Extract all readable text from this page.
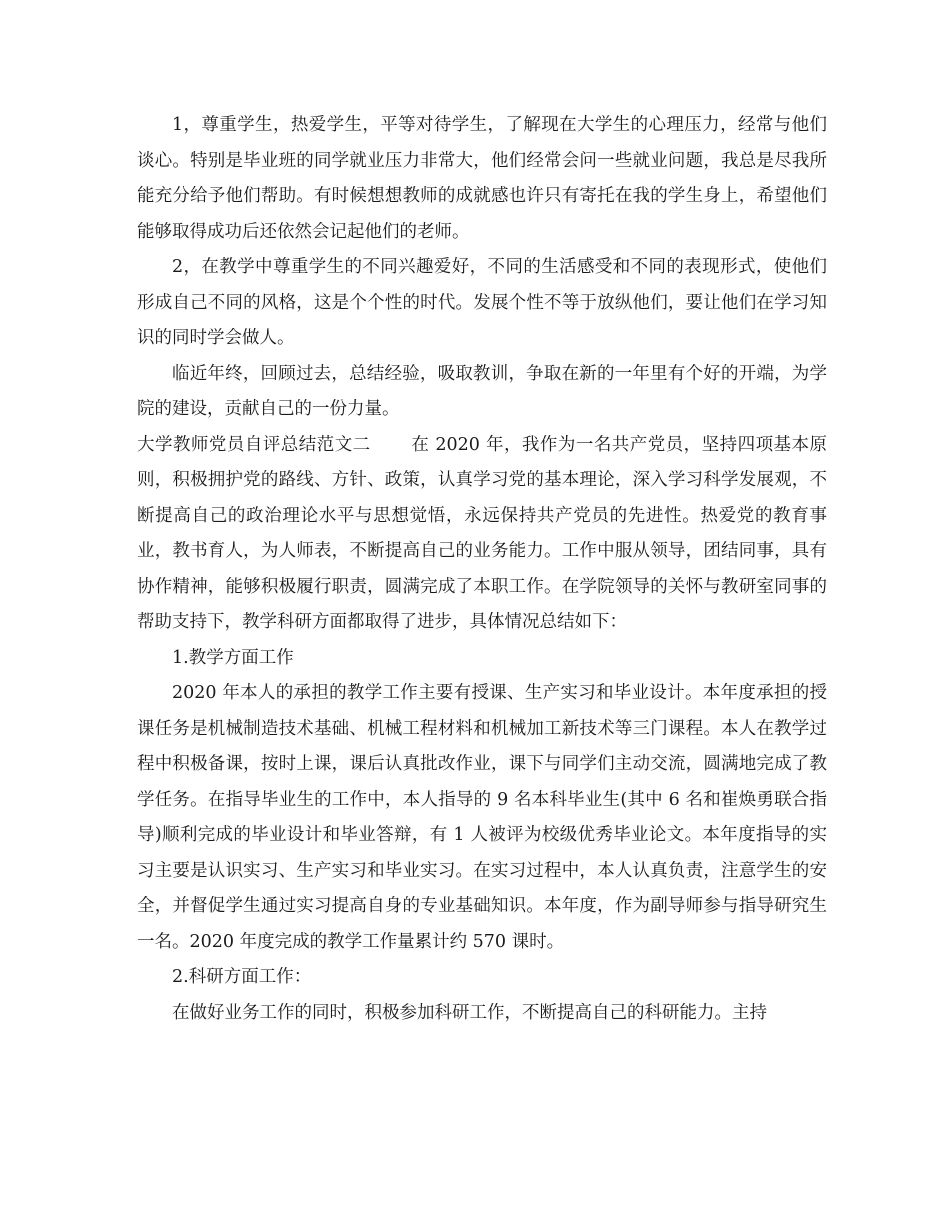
1，尊重学生，热爱学生，平等对待学生，了解现在大学生的心理压力，经常与他们谈心。特别是毕业班的同学就业压力非常大，他们经常会问一些就业问题，我总是尽我所能充分给予他们帮助。有时候想想教师的成就感也许只有寄托在我的学生身上，希望他们能够取得成功后还依然会记起他们的老师。

2，在教学中尊重学生的不同兴趣爱好，不同的生活感受和不同的表现形式，使他们形成自己不同的风格，这是个个性的时代。发展个性不等于放纵他们，要让他们在学习知识的同时学会做人。

临近年终，回顾过去，总结经验，吸取教训，争取在新的一年里有个好的开端，为学院的建设，贡献自己的一份力量。

大学教师党员自评总结范文二 在 2020 年，我作为一名共产党员，坚持四项基本原则，积极拥护党的路线、方针、政策，认真学习党的基本理论，深入学习科学发展观，不断提高自己的政治理论水平与思想觉悟，永远保持共产党员的先进性。热爱党的教育事业，教书育人，为人师表，不断提高自己的业务能力。工作中服从领导，团结同事，具有协作精神，能够积极履行职责，圆满完成了本职工作。在学院领导的关怀与教研室同事的帮助支持下，教学科研方面都取得了进步，具体情况总结如下：

1.教学方面工作

2020 年本人的承担的教学工作主要有授课、生产实习和毕业设计。本年度承担的授课任务是机械制造技术基础、机械工程材料和机械加工新技术等三门课程。本人在教学过程中积极备课，按时上课，课后认真批改作业，课下与同学们主动交流，圆满地完成了教学任务。在指导毕业生的工作中，本人指导的 9 名本科毕业生(其中 6 名和崔焕勇联合指导)顺利完成的毕业设计和毕业答辩，有 1 人被评为校级优秀毕业论文。本年度指导的实习主要是认识实习、生产实习和毕业实习。在实习过程中，本人认真负责，注意学生的安全，并督促学生通过实习提高自身的专业基础知识。本年度，作为副导师参与指导研究生一名。2020 年度完成的教学工作量累计约 570 课时。

2.科研方面工作：

在做好业务工作的同时，积极参加科研工作，不断提高自己的科研能力。主持
